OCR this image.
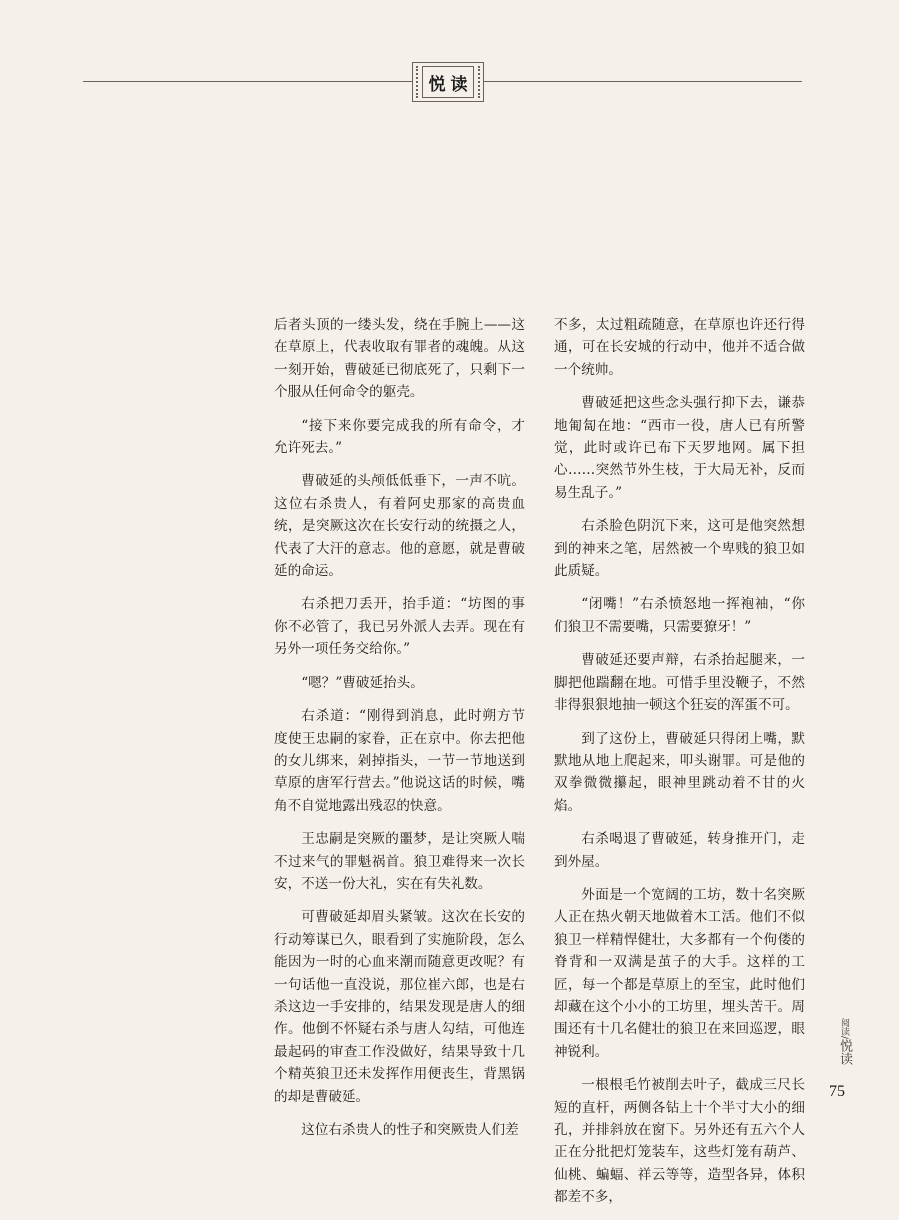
悦读

后者头顶的一缕头发，绕在手腕上——这在草原上，代表收取有罪者的魂魄。从这一刻开始，曹破延已彻底死了，只剩下一个服从任何命令的躯壳。

“接下来你要完成我的所有命令，才允许死去。”

曹破延的头颅低低垂下，一声不吭。这位右杀贵人，有着阿史那家的高贵血统，是突厥这次在长安行动的统摄之人，代表了大汗的意志。他的意愿，就是曹破延的命运。

右杀把刀丢开，抬手道：“坊图的事你不必管了，我已另外派人去弄。现在有另外一项任务交给你。”

“嗯？”曹破延抬头。

右杀道：“刚得到消息，此时朔方节度使王忠嗣的家眷，正在京中。你去把他的女儿绑来，剁掉指头，一节一节地送到草原的唐军行营去。”他说这话的时候，嘴角不自觉地露出残忍的快意。

王忠嗣是突厥的噩梦，是让突厥人喘不过来气的罪魁祸首。狼卫难得来一次长安，不送一份大礼，实在有失礼数。

可曹破延却眉头紧皱。这次在长安的行动筹谋已久，眼看到了实施阶段，怎么能因为一时的心血来潮而随意更改呢？有一句话他一直没说，那位崔六郎，也是右杀这边一手安排的，结果发现是唐人的细作。他倒不怀疑右杀与唐人勾结，可他连最起码的审查工作没做好，结果导致十几个精英狼卫还未发挥作用便丧生，背黑锅的却是曹破延。

这位右杀贵人的性子和突厥贵人们差

不多，太过粗疏随意，在草原也许还行得通，可在长安城的行动中，他并不适合做一个统帅。

曹破延把这些念头强行抑下去，谦恭地匍匐在地：“西市一役，唐人已有所警觉，此时或许已布下天罗地网。属下担心……突然节外生枝，于大局无补，反而易生乱子。”

右杀脸色阴沉下来，这可是他突然想到的神来之笔，居然被一个卑贱的狼卫如此质疑。

“闭嘴！”右杀愤怒地一挥袍袖，“你们狼卫不需要嘴，只需要獠牙！”

曹破延还要声辩，右杀抬起腿来，一脚把他踹翻在地。可惜手里没鞭子，不然非得狠狠地抽一顿这个狂妄的浑蛋不可。

到了这份上，曹破延只得闭上嘴，默默地从地上爬起来，叩头谢罪。可是他的双拳微微攥起，眼神里跳动着不甘的火焰。

右杀喝退了曹破延，转身推开门，走到外屋。

外面是一个宽阔的工坊，数十名突厥人正在热火朝天地做着木工活。他们不似狼卫一样精悍健壮，大多都有一个佝偻的脊背和一双满是茧子的大手。这样的工匠，每一个都是草原上的至宝，此时他们却藏在这个小小的工坊里，埋头苦干。周围还有十几名健壮的狼卫在来回巡逻，眼神锐利。

一根根毛竹被削去叶子，截成三尺长短的直杆，两侧各钻上十个半寸大小的细孔，并排斜放在窗下。另外还有五六个人正在分批把灯笼装车，这些灯笼有葫芦、仙桃、蝙蝠、祥云等等，造型各异，体积都差不多，

阅读/悦读
75
